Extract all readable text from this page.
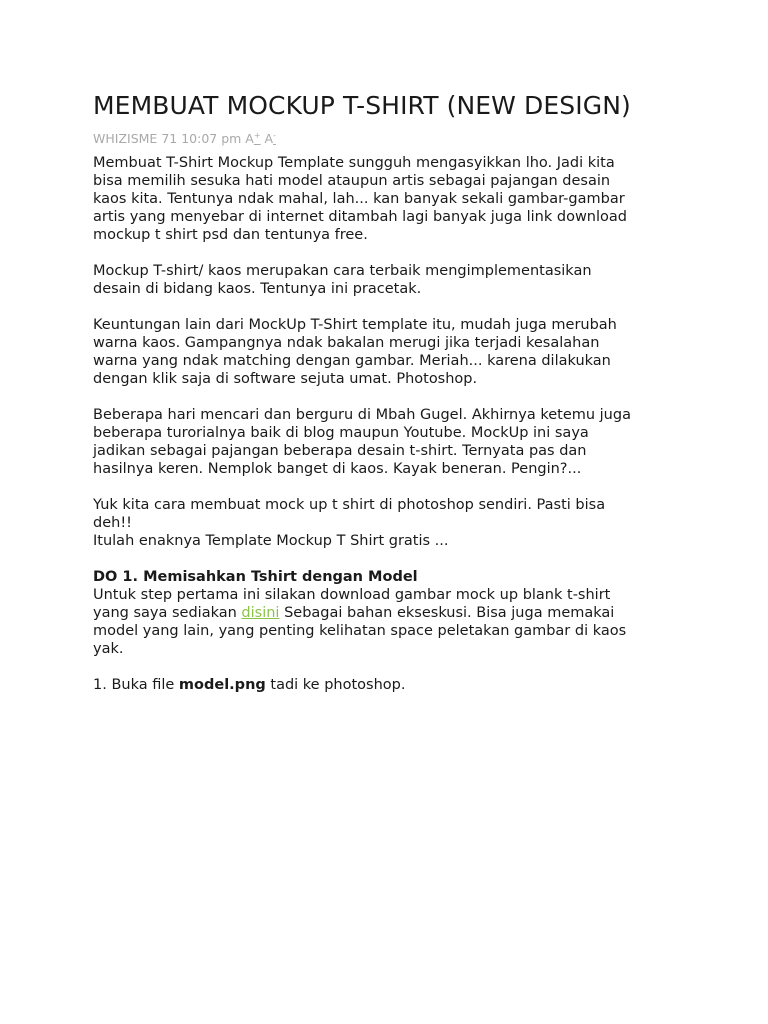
MEMBUAT MOCKUP T-SHIRT (NEW DESIGN)
WHIZISME 71 10:07 pm A+ A-
Membuat T-Shirt Mockup Template sungguh mengasyikkan lho. Jadi kita
bisa memilih sesuka hati model ataupun artis sebagai pajangan desain
kaos kita. Tentunya ndak mahal, lah... kan banyak sekali gambar-gambar
artis yang menyebar di internet ditambah lagi banyak juga link download
mockup t shirt psd dan tentunya free.
Mockup T-shirt/ kaos merupakan cara terbaik mengimplementasikan
desain di bidang kaos. Tentunya ini pracetak.
Keuntungan lain dari MockUp T-Shirt template itu, mudah juga merubah
warna kaos. Gampangnya ndak bakalan merugi jika terjadi kesalahan
warna yang ndak matching dengan gambar. Meriah... karena dilakukan
dengan klik saja di software sejuta umat. Photoshop.
Beberapa hari mencari dan berguru di Mbah Gugel. Akhirnya ketemu juga
beberapa turorialnya baik di blog maupun Youtube. MockUp ini saya
jadikan sebagai pajangan beberapa desain t-shirt. Ternyata pas dan
hasilnya keren. Nemplok banget di kaos. Kayak beneran. Pengin?...
Yuk kita cara membuat mock up t shirt di photoshop sendiri. Pasti bisa
deh!!
Itulah enaknya Template Mockup T Shirt gratis ...
DO 1. Memisahkan Tshirt dengan Model
Untuk step pertama ini silakan download gambar mock up blank t-shirt
yang saya sediakan disini Sebagai bahan ekseskusi. Bisa juga memakai
model yang lain, yang penting kelihatan space peletakan gambar di kaos
yak.
1. Buka file model.png tadi ke photoshop.
